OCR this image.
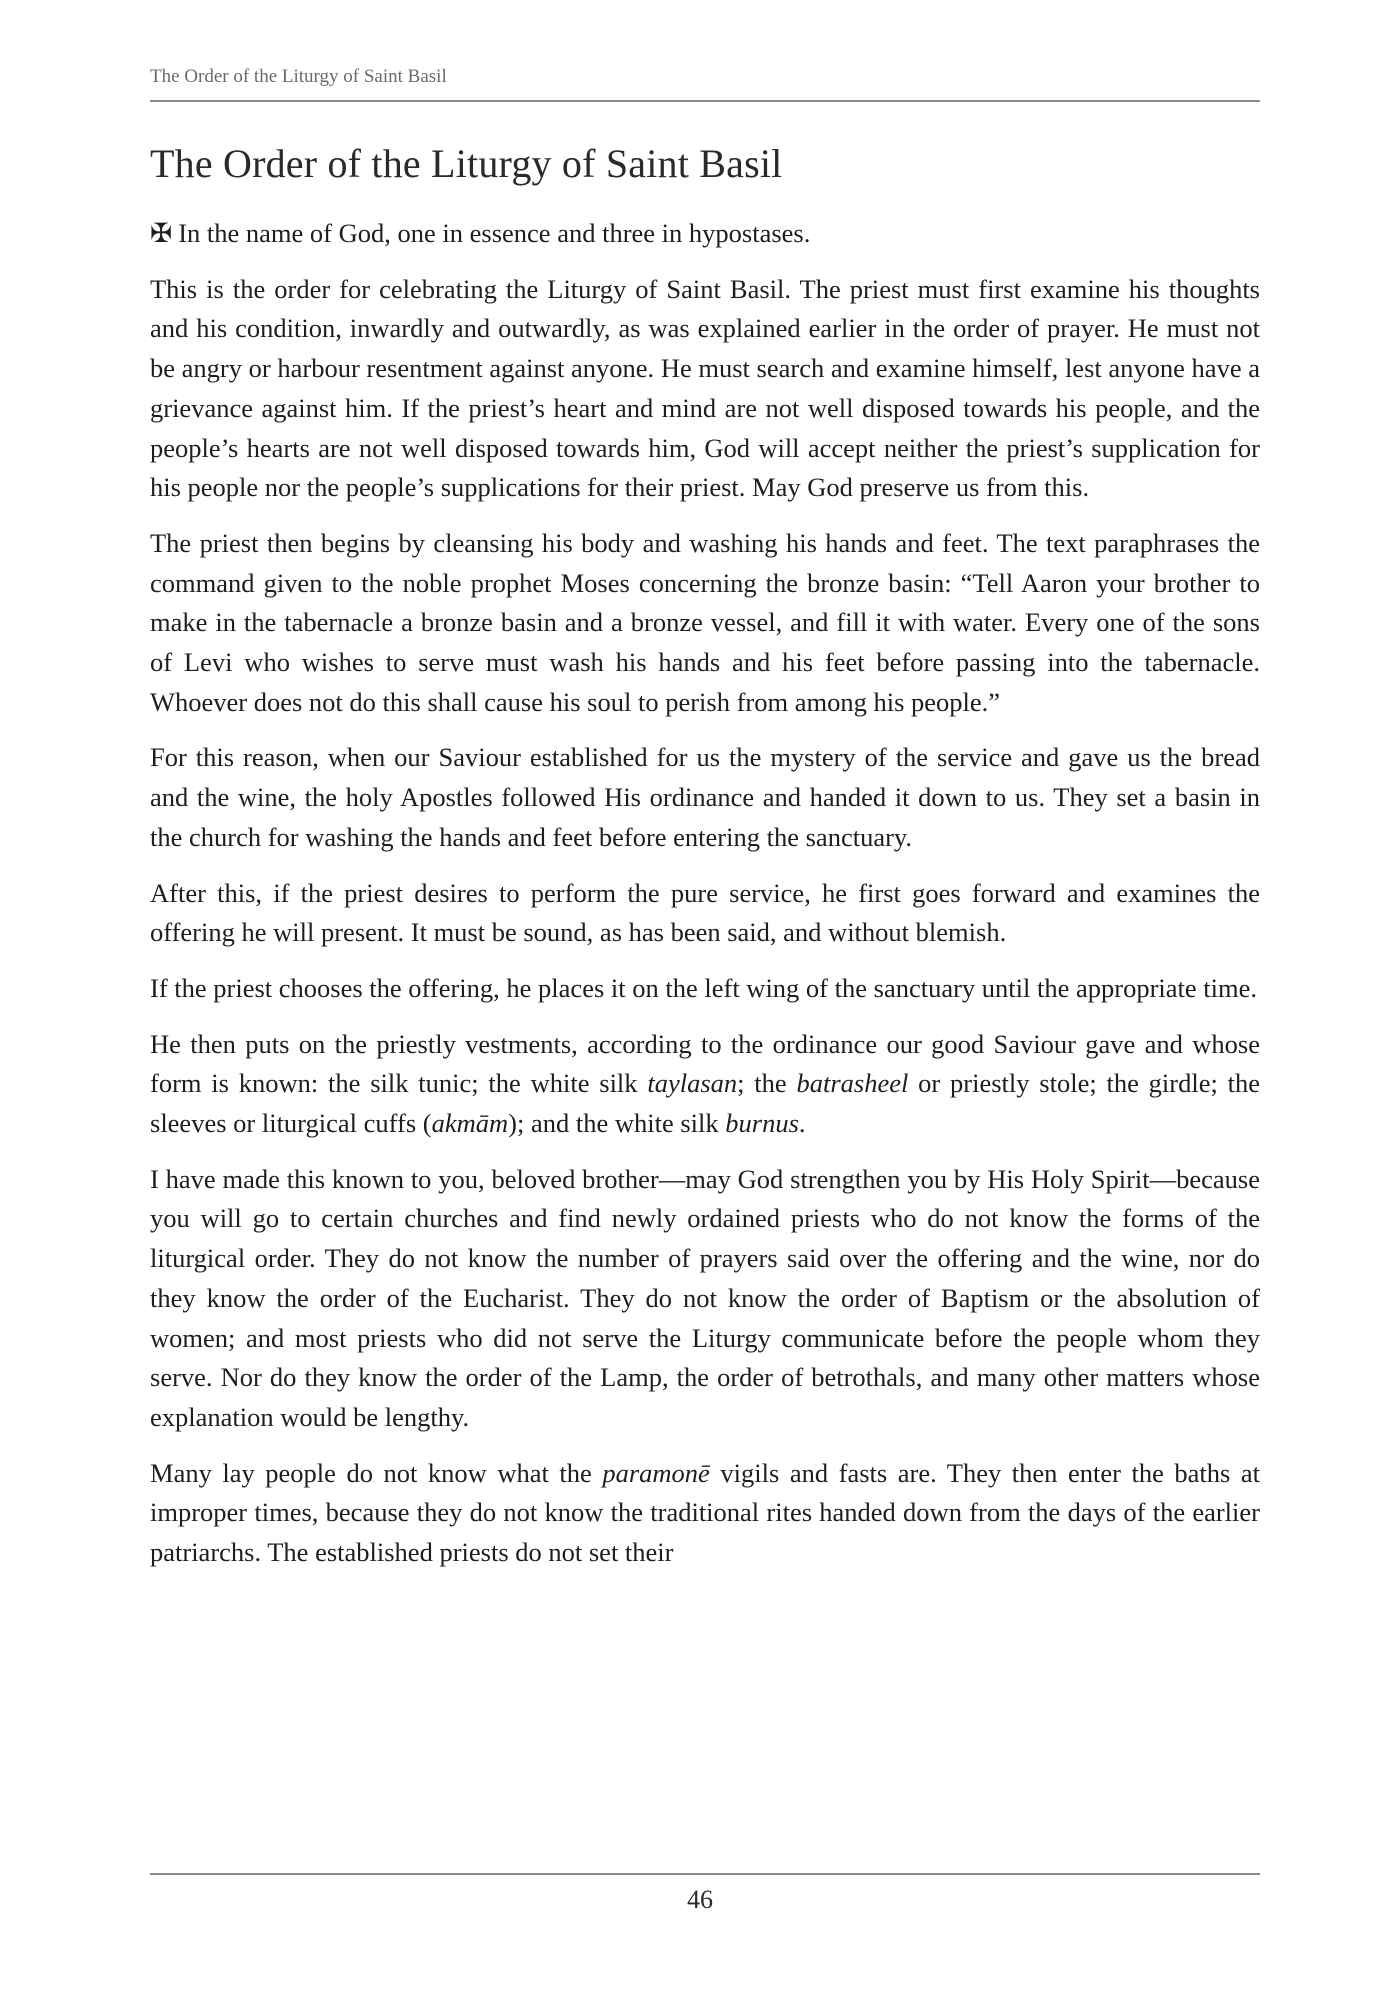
The Order of the Liturgy of Saint Basil
The Order of the Liturgy of Saint Basil

✠ In the name of God, one in essence and three in hypostases.

This is the order for celebrating the Liturgy of Saint Basil. The priest must first examine his thoughts and his condition, inwardly and outwardly, as was explained earlier in the order of prayer. He must not be angry or harbour resentment against anyone. He must search and examine himself, lest anyone have a grievance against him. If the priest’s heart and mind are not well disposed towards his people, and the people’s hearts are not well disposed towards him, God will accept neither the priest’s supplication for his people nor the people’s supplications for their priest. May God preserve us from this.

The priest then begins by cleansing his body and washing his hands and feet. The text paraphrases the command given to the noble prophet Moses concerning the bronze basin: “Tell Aaron your brother to make in the tabernacle a bronze basin and a bronze vessel, and fill it with water. Every one of the sons of Levi who wishes to serve must wash his hands and his feet before passing into the tabernacle. Whoever does not do this shall cause his soul to perish from among his people.”

For this reason, when our Saviour established for us the mystery of the service and gave us the bread and the wine, the holy Apostles followed His ordinance and handed it down to us. They set a basin in the church for washing the hands and feet before entering the sanctuary.

After this, if the priest desires to perform the pure service, he first goes forward and examines the offering he will present. It must be sound, as has been said, and without blemish.

If the priest chooses the offering, he places it on the left wing of the sanctuary until the appropriate time.

He then puts on the priestly vestments, according to the ordinance our good Saviour gave and whose form is known: the silk tunic; the white silk taylasan; the batrasheel or priestly stole; the girdle; the sleeves or liturgical cuffs (akmām); and the white silk burnus.

I have made this known to you, beloved brother—may God strengthen you by His Holy Spirit—because you will go to certain churches and find newly ordained priests who do not know the forms of the liturgical order. They do not know the number of prayers said over the offering and the wine, nor do they know the order of the Eucharist. They do not know the order of Baptism or the absolution of women; and most priests who did not serve the Liturgy communicate before the people whom they serve. Nor do they know the order of the Lamp, the order of betrothals, and many other matters whose explanation would be lengthy.

Many lay people do not know what the paramonē vigils and fasts are. They then enter the baths at improper times, because they do not know the traditional rites handed down from the days of the earlier patriarchs. The established priests do not set their

46
